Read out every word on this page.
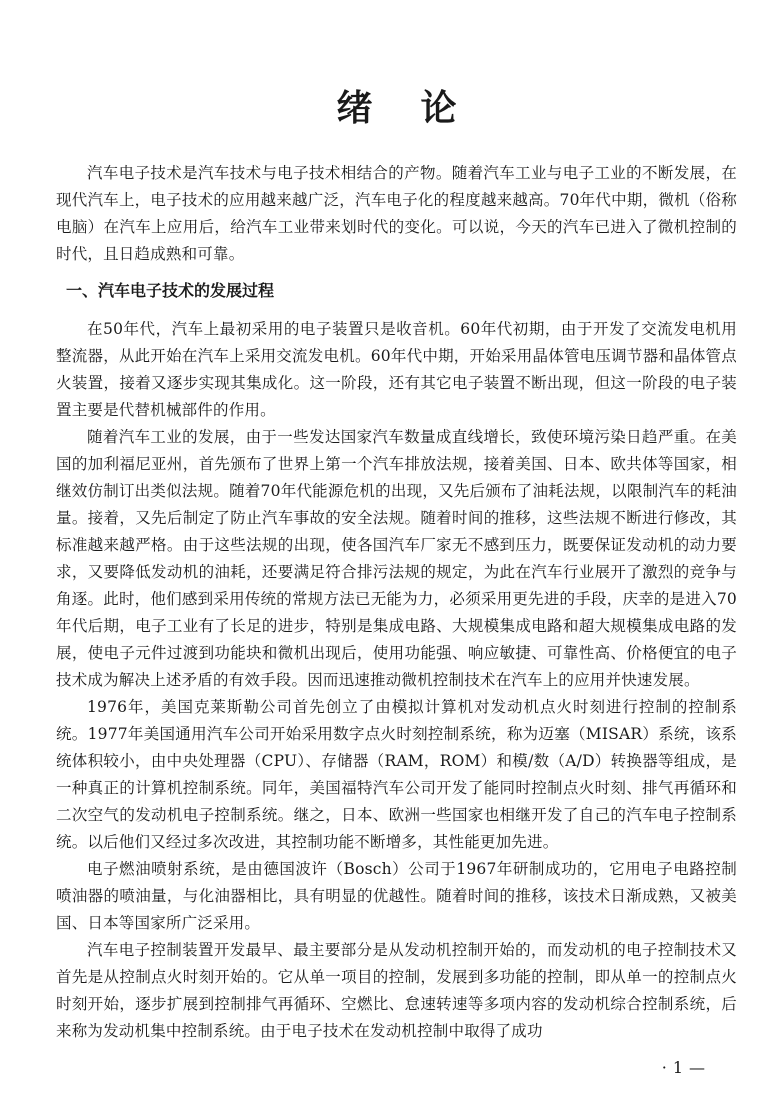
绪论

汽车电子技术是汽车技术与电子技术相结合的产物。随着汽车工业与电子工业的不断发展，在现代汽车上，电子技术的应用越来越广泛，汽车电子化的程度越来越高。70年代中期，微机（俗称电脑）在汽车上应用后，给汽车工业带来划时代的变化。可以说，今天的汽车已进入了微机控制的时代，且日趋成熟和可靠。

一、汽车电子技术的发展过程

在50年代，汽车上最初采用的电子装置只是收音机。60年代初期，由于开发了交流发电机用整流器，从此开始在汽车上采用交流发电机。60年代中期，开始采用晶体管电压调节器和晶体管点火装置，接着又逐步实现其集成化。这一阶段，还有其它电子装置不断出现，但这一阶段的电子装置主要是代替机械部件的作用。

随着汽车工业的发展，由于一些发达国家汽车数量成直线增长，致使环境污染日趋严重。在美国的加利福尼亚州，首先颁布了世界上第一个汽车排放法规，接着美国、日本、欧共体等国家，相继效仿制订出类似法规。随着70年代能源危机的出现，又先后颁布了油耗法规，以限制汽车的耗油量。接着，又先后制定了防止汽车事故的安全法规。随着时间的推移，这些法规不断进行修改，其标准越来越严格。由于这些法规的出现，使各国汽车厂家无不感到压力，既要保证发动机的动力要求，又要降低发动机的油耗，还要满足符合排污法规的规定，为此在汽车行业展开了激烈的竞争与角逐。此时，他们感到采用传统的常规方法已无能为力，必须采用更先进的手段，庆幸的是进入70年代后期，电子工业有了长足的进步，特别是集成电路、大规模集成电路和超大规模集成电路的发展，使电子元件过渡到功能块和微机出现后，使用功能强、响应敏捷、可靠性高、价格便宜的电子技术成为解决上述矛盾的有效手段。因而迅速推动微机控制技术在汽车上的应用并快速发展。

1976年，美国克莱斯勒公司首先创立了由模拟计算机对发动机点火时刻进行控制的控制系统。1977年美国通用汽车公司开始采用数字点火时刻控制系统，称为迈塞（MISAR）系统，该系统体积较小，由中央处理器（CPU）、存储器（RAM，ROM）和模/数（A/D）转换器等组成，是一种真正的计算机控制系统。同年，美国福特汽车公司开发了能同时控制点火时刻、排气再循环和二次空气的发动机电子控制系统。继之，日本、欧洲一些国家也相继开发了自己的汽车电子控制系统。以后他们又经过多次改进，其控制功能不断增多，其性能更加先进。

电子燃油喷射系统，是由德国波许（Bosch）公司于1967年研制成功的，它用电子电路控制喷油器的喷油量，与化油器相比，具有明显的优越性。随着时间的推移，该技术日渐成熟，又被美国、日本等国家所广泛采用。

汽车电子控制装置开发最早、最主要部分是从发动机控制开始的，而发动机的电子控制技术又首先是从控制点火时刻开始的。它从单一项目的控制，发展到多功能的控制，即从单一的控制点火时刻开始，逐步扩展到控制排气再循环、空燃比、怠速转速等多项内容的发动机综合控制系统，后来称为发动机集中控制系统。由于电子技术在发动机控制中取得了成功

·1—
